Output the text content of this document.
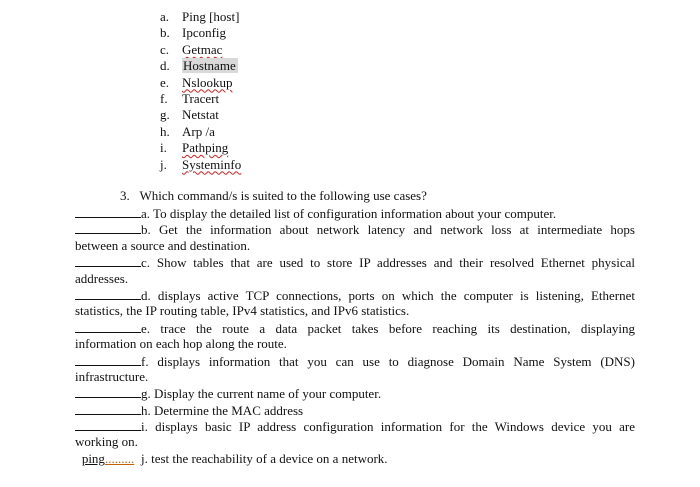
a. Ping [host]
b. Ipconfig
c. Getmac
d. Hostname
e. Nslookup
f. Tracert
g. Netstat
h. Arp /a
i. Pathping
j. Systeminfo
3. Which command/s is suited to the following use cases?
a. To display the detailed list of configuration information about your computer.
b. Get the information about network latency and network loss at intermediate hops
between a source and destination.
c. Show tables that are used to store IP addresses and their resolved Ethernet physical
addresses.
d. displays active TCP connections, ports on which the computer is listening, Ethernet
statistics, the IP routing table, IPv4 statistics, and IPv6 statistics.
e. trace the route a data packet takes before reaching its destination, displaying
information on each hop along the route.
f. displays information that you can use to diagnose Domain Name System (DNS)
infrastructure.
g. Display the current name of your computer.
h. Determine the MAC address
i. displays basic IP address configuration information for the Windows device you are
working on.
ping......... j. test the reachability of a device on a network.
